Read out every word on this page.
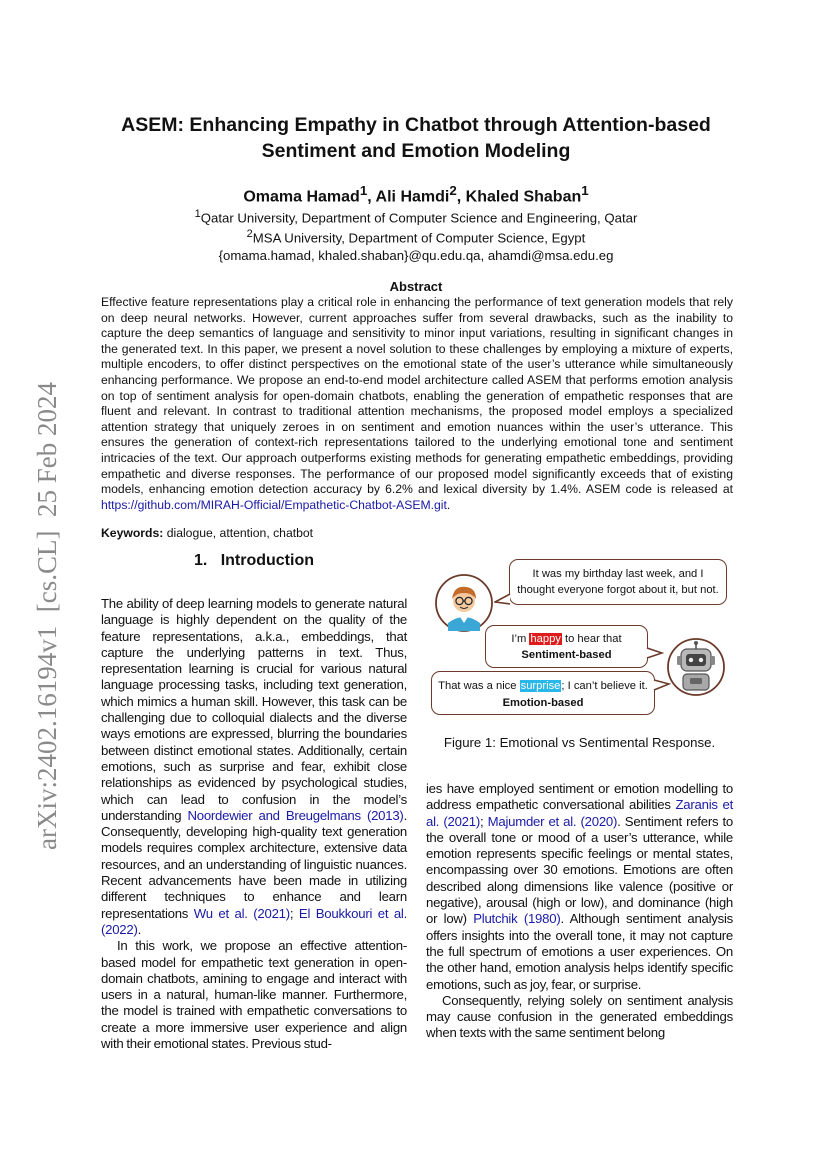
arXiv:2402.16194v1  [cs.CL]  25 Feb 2024
ASEM: Enhancing Empathy in Chatbot through Attention-based
Sentiment and Emotion Modeling
Omama Hamad$^1$, Ali Hamdi$^2$, Khaled Shaban$^1$
$^1$Qatar University, Department of Computer Science and Engineering, Qatar
$^2$MSA University, Department of Computer Science, Egypt
{omama.hamad, khaled.shaban}@qu.edu.qa, ahamdi@msa.edu.eg
Abstract
Effective feature representations play a critical role in enhancing the performance of text generation models that rely on deep neural networks. However, current approaches suffer from several drawbacks, such as the inability to capture the deep semantics of language and sensitivity to minor input variations, resulting in significant changes in the generated text. In this paper, we present a novel solution to these challenges by employing a mixture of experts, multiple encoders, to offer distinct perspectives on the emotional state of the user’s utterance while simultaneously enhancing performance. We propose an end-to-end model architecture called ASEM that performs emotion analysis on top of sentiment analysis for open-domain chatbots, enabling the generation of empathetic responses that are fluent and relevant. In contrast to traditional attention mechanisms, the proposed model employs a specialized attention strategy that uniquely zeroes in on sentiment and emotion nuances within the user’s utterance. This ensures the generation of context-rich representations tailored to the underlying emotional tone and sentiment intricacies of the text. Our approach outperforms existing methods for generating empathetic embeddings, providing empathetic and diverse responses. The performance of our proposed model significantly exceeds that of existing models, enhancing emotion detection accuracy by 6.2% and lexical diversity by 1.4%. ASEM code is released at https://github.com/MIRAH-Official/Empathetic-Chatbot-ASEM.git.
Keywords: dialogue, attention, chatbot
1. Introduction

The ability of deep learning models to generate natural language is highly dependent on the quality of the feature representations, a.k.a., embeddings, that capture the underlying patterns in text. Thus, representation learning is crucial for various natural language processing tasks, including text generation, which mimics a human skill. However, this task can be challenging due to colloquial dialects and the diverse ways emotions are expressed, blurring the boundaries between distinct emotional states. Additionally, certain emotions, such as surprise and fear, exhibit close relationships as evidenced by psychological studies, which can lead to confusion in the model’s understanding Noordewier and Breugelmans (2013). Consequently, developing high-quality text generation models requires complex architecture, extensive data resources, and an understanding of linguistic nuances. Recent advancements have been made in utilizing different techniques to enhance and learn representations Wu et al. (2021); El Boukkouri et al. (2022).

In this work, we propose an effective attention-based model for empathetic text generation in open-domain chatbots, amining to engage and interact with users in a natural, human-like manner. Furthermore, the model is trained with empathetic conversations to create a more immersive user experience and align with their emotional states. Previous stud-

ies have employed sentiment or emotion modelling to address empathetic conversational abilities Zaranis et al. (2021); Majumder et al. (2020). Sentiment refers to the overall tone or mood of a user’s utterance, while emotion represents specific feelings or mental states, encompassing over 30 emotions. Emotions are often described along dimensions like valence (positive or negative), arousal (high or low), and dominance (high or low) Plutchik (1980). Although sentiment analysis offers insights into the overall tone, it may not capture the full spectrum of emotions a user experiences. On the other hand, emotion analysis helps identify specific emotions, such as joy, fear, or surprise.

Consequently, relying solely on sentiment analysis may cause confusion in the generated embeddings when texts with the same sentiment belong

It was my birthday last week, and I
thought everyone forgot about it, but not.
I’m happy to hear that
Sentiment-based
That was a nice surprise; I can’t believe it.
Emotion-based
Figure 1: Emotional vs Sentimental Response.
